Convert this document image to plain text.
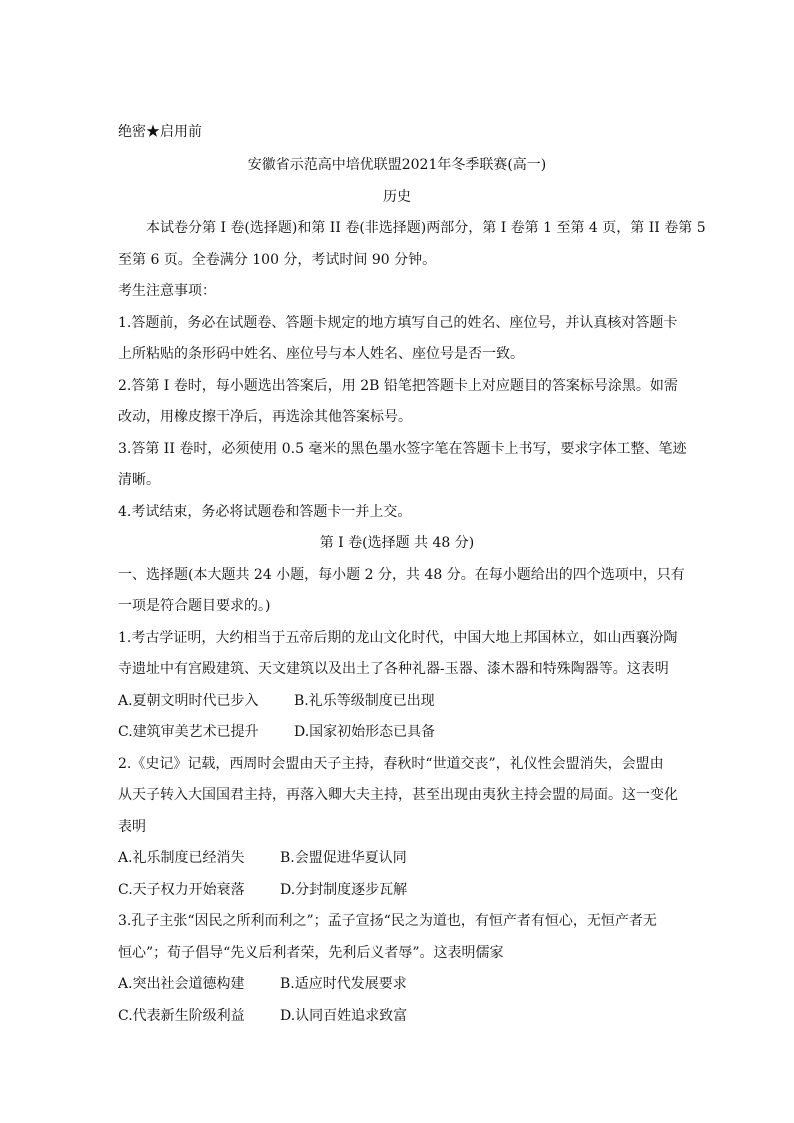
绝密★启用前
安徽省示范高中培优联盟2021年冬季联赛(高一)
历史
本试卷分第 I 卷(选择题)和第 II 卷(非选择题)两部分，第 I 卷第 1 至第 4 页，第 II 卷第 5
至第 6 页。全卷满分 100 分，考试时间 90 分钟。
考生注意事项：
1.答题前，务必在试题卷、答题卡规定的地方填写自己的姓名、座位号，并认真核对答题卡
上所粘贴的条形码中姓名、座位号与本人姓名、座位号是否一致。
2.答第 I 卷时，每小题选出答案后，用 2B 铅笔把答题卡上对应题目的答案标号涂黑。如需
改动，用橡皮擦干净后，再选涂其他答案标号。
3.答第 II 卷时，必须使用 0.5 毫米的黑色墨水签字笔在答题卡上书写，要求字体工整、笔迹
清晰。
4.考试结束，务必将试题卷和答题卡一并上交。
第 I 卷(选择题 共 48 分)
一、选择题(本大题共 24 小题，每小题 2 分，共 48 分。在每小题给出的四个选项中，只有
一项是符合题目要求的。)
1.考古学证明，大约相当于五帝后期的龙山文化时代，中国大地上邦国林立，如山西襄汾陶
寺遗址中有宫殿建筑、天文建筑以及出土了各种礼器-玉器、漆木器和特殊陶器等。这表明
A.夏朝文明时代已步入	B.礼乐等级制度已出现
C.建筑审美艺术已提升	D.国家初始形态已具备
2.《史记》记载，西周时会盟由天子主持，春秋时“世道交丧”，礼仪性会盟消失，会盟由
从天子转入大国国君主持，再落入卿大夫主持，甚至出现由夷狄主持会盟的局面。这一变化
表明
A.礼乐制度已经消失	B.会盟促进华夏认同
C.天子权力开始衰落	D.分封制度逐步瓦解
3.孔子主张“因民之所利而利之”；孟子宣扬“民之为道也，有恒产者有恒心，无恒产者无
恒心”；荀子倡导“先义后利者荣，先利后义者辱”。这表明儒家
A.突出社会道德构建	B.适应时代发展要求
C.代表新生阶级利益	D.认同百姓追求致富
